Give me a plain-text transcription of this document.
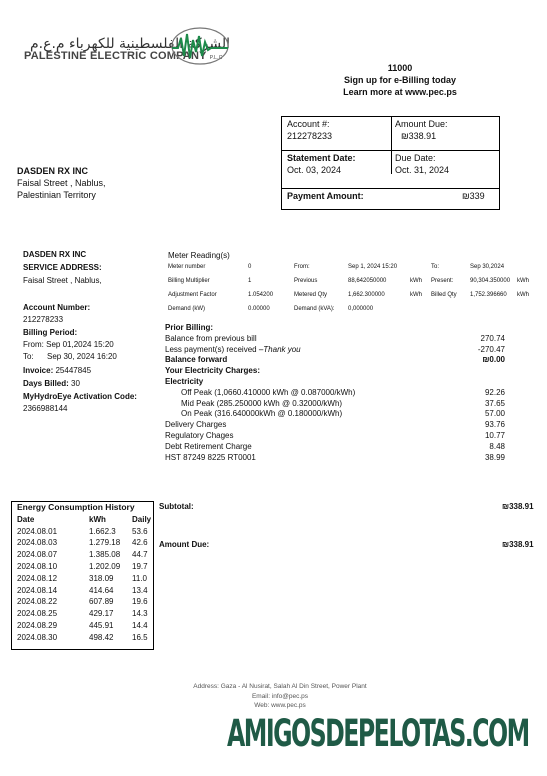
الشركة الفلسطينية للكهرباء م.ع.م
PALESTINE ELECTRIC COMPANY P.L.C
11000
Sign up for e-Billing today
Learn more at www.pec.ps
Account #:
212278233
Amount Due:
₪338.91
Statement Date:
Oct. 03, 2024
Due Date:
Oct. 31, 2024
Payment Amount:	₪339
DASDEN RX INC
Faisal Street , Nablus,
Palestinian Territory
DASDEN RX INC
SERVICE ADDRESS:
Faisal Street , Nablus,
Account Number:
212278233
Billing Period:
From: Sep 01,2024 15:20
To: Sep 30, 2024 16:20
Invoice: 25447845
Days Billed: 30
MyHydroEye Activation Code:
2366988144
Meter Reading(s)
Meter number	0	From:	Sep 1, 2024 15:20	To:	Sep 30,2024
Billing Multiplier	1	Previous	88,642050000	kWh Present:	90,304.350000 kWh
Adjustment Factor	1.054200	Metered Qty	1,662.300000	kWh Billed Qty 1,752.396660 kWh
Demand (kW)	0.00000	Demand (kVA): 0,000000
Prior Billing:
Balance from previous bill	270.74
Less payment(s) received –Thank you	-270.47
Balance forward	₪0.00
Your Electricity Charges:
Electricity
Off Peak (1,0660.410000 kWh @ 0.087000/kWh)	92.26
Mid Peak (285.250000 kWh @ 0.32000/kWh)	37.65
On Peak (316.640000kWh @ 0.180000/kWh)	57.00
Delivery Charges	93.76
Regulatory Chages	10.77
Debt Retirement Charge	8.48
HST 87249 8225 RT0001	38.99
Subtotal:	₪338.91
Amount Due:	₪338.91
Energy Consumption History
Date	kWh	Daily
2024.08.01	1.662.3 53.6
2024.08.03	1.279.18 42.6
2024.08.07	1.385.08 44.7
2024.08.10	1.202.09 19.7
2024.08.12	318.09 11.0
2024.08.14	414.64 13.4
2024.08.22	607.89 19.6
2024.08.25	429.17 14.3
2024.08.29	445.91 14.4
2024.08.30	498.42 16.5
Address: Gaza - Al Nusirat, Salah Al Din Street, Power Plant
Email: info@pec.ps
Web: www.pec.ps
AMIGOSDEPELOTAS.COM
